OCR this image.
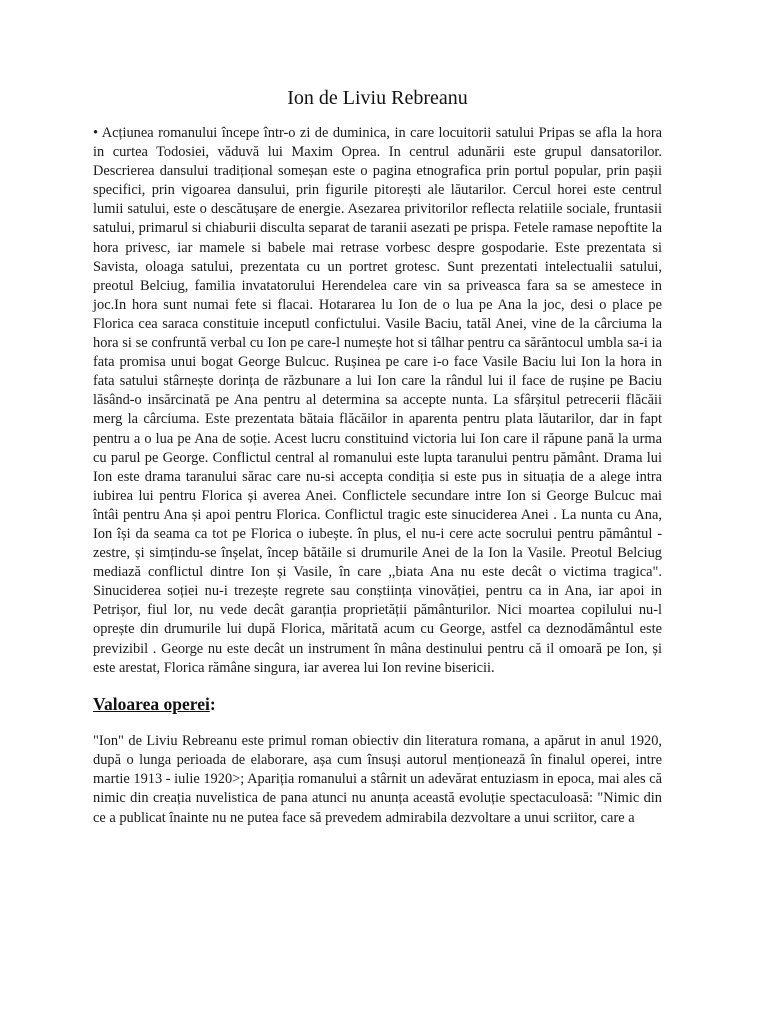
Ion de Liviu Rebreanu

• Acțiunea romanului începe într-o zi de duminica, in care locuitorii satului Pripas se afla la hora in curtea Todosiei, văduvă lui Maxim Oprea. In centrul adunării este grupul dansatorilor. Descrierea dansului tradițional someșan este o pagina etnografica prin portul popular, prin pașii specifici, prin vigoarea dansului, prin figurile pitorești ale lăutarilor. Cercul horei este centrul lumii satului, este o descătușare de energie. Asezarea privitorilor reflecta relatiile sociale, fruntasii satului, primarul si chiaburii disculta separat de taranii asezati pe prispa. Fetele ramase nepoftite la hora privesc, iar mamele si babele mai retrase vorbesc despre gospodarie. Este prezentata si Savista, oloaga satului, prezentata cu un portret grotesc. Sunt prezentati intelectualii satului, preotul Belciug, familia invatatorului Herendelea care vin sa priveasca fara sa se amestece in joc.In hora sunt numai fete si flacai. Hotararea lu Ion de o lua pe Ana la joc, desi o place pe Florica cea saraca constituie inceputl confictului. Vasile Baciu, tatăl Anei, vine de la cârciuma la hora si se confruntă verbal cu Ion pe care-l numește hot si tâlhar pentru ca sărăntocul umbla sa-i ia fata promisa unui bogat George Bulcuc. Rușinea pe care i-o face Vasile Baciu lui Ion la hora in fata satului stârnește dorința de răzbunare a lui Ion care la rândul lui il face de rușine pe Baciu lăsând-o insărcinată pe Ana pentru al determina sa accepte nunta. La sfârșitul petrecerii flăcăii merg la cârciuma. Este prezentata bătaia flăcăilor in aparenta pentru plata lăutarilor, dar in fapt pentru a o lua pe Ana de soție. Acest lucru constituind victoria lui Ion care il răpune pană la urma cu parul pe George. Conflictul central al romanului este lupta taranului pentru pământ. Drama lui Ion este drama taranului sărac care nu-si accepta condiția si este pus in situația de a alege intra iubirea lui pentru Florica și averea Anei. Conflictele secundare intre Ion si George Bulcuc mai întâi pentru Ana și apoi pentru Florica. Conflictul tragic este sinuciderea Anei . La nunta cu Ana, Ion își da seama ca tot pe Florica o iubește. în plus, el nu-i cere acte socrului pentru pământul - zestre, și simțindu-se înșelat, încep bătăile si drumurile Anei de la Ion la Vasile. Preotul Belciug mediază conflictul dintre Ion și Vasile, în care ,,biata Ana nu este decât o victima tragica". Sinuciderea soției nu-i trezește regrete sau conștiința vinovăției, pentru ca in Ana, iar apoi in Petrișor, fiul lor, nu vede decât garanția proprietății pământurilor. Nici moartea copilului nu-l oprește din drumurile lui după Florica, măritată acum cu George, astfel ca deznodământul este previzibil . George nu este decât un instrument în mâna destinului pentru că il omoară pe Ion, și este arestat, Florica rămâne singura, iar averea lui Ion revine bisericii.

Valoarea operei:

"Ion" de Liviu Rebreanu este primul roman obiectiv din literatura romana, a apărut in anul 1920, după o lunga perioada de elaborare, așa cum însuși autorul menționează în finalul operei, intre martie 1913 - iulie 1920>; Apariția romanului a stârnit un adevărat entuziasm in epoca, mai ales că nimic din creația nuvelistica de pana atunci nu anunța această evoluție spectaculoasă: "Nimic din ce a publicat înainte nu ne putea face să prevedem admirabila dezvoltare a unui scriitor, care a
